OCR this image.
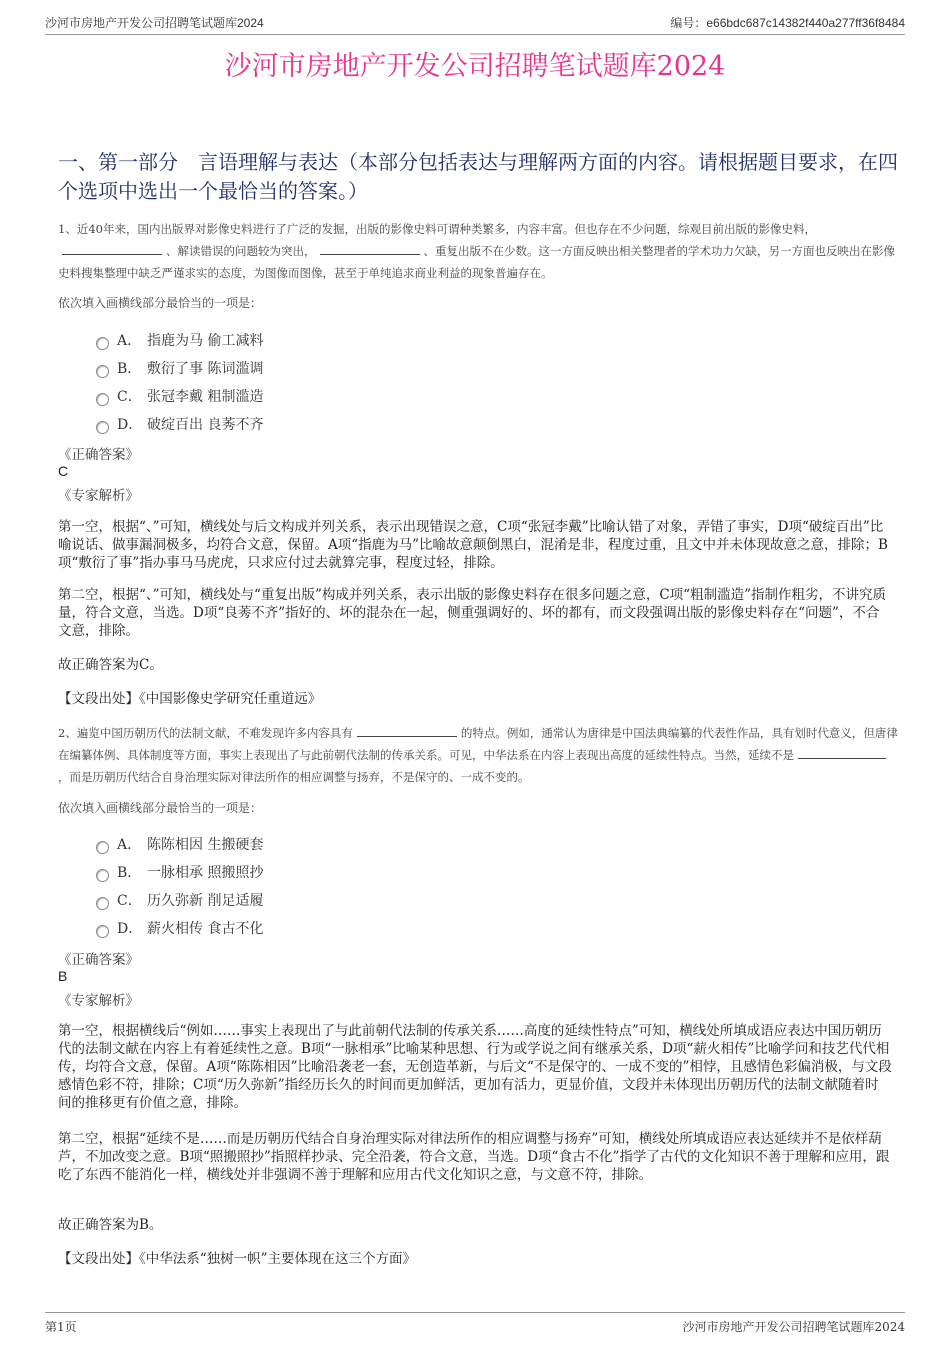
沙河市房地产开发公司招聘笔试题库2024	编号：e66bdc687c14382f440a277ff36f8484
沙河市房地产开发公司招聘笔试题库2024
一、第一部分　言语理解与表达（本部分包括表达与理解两方面的内容。请根据题目要求，在四个选项中选出一个最恰当的答案。）
1、近40年来，国内出版界对影像史料进行了广泛的发掘，出版的影像史料可谓种类繁多，内容丰富。但也存在不少问题，综观目前出版的影像史料，、解读错误的问题较为突出，	、重复出版不在少数。这一方面反映出相关整理者的学术功力欠缺，另一方面也反映出在影像史料搜集整理中缺乏严谨求实的态度，为图像而图像，甚至于单纯追求商业利益的现象普遍存在。
依次填入画横线部分最恰当的一项是：
A． 指鹿为马 偷工减料
B． 敷衍了事 陈词滥调
C． 张冠李戴 粗制滥造
D． 破绽百出 良莠不齐
《正确答案》
C
《专家解析》
第一空，根据“、”可知，横线处与后文构成并列关系，表示出现错误之意，C项“张冠李戴”比喻认错了对象，弄错了事实，D项“破绽百出”比喻说话、做事漏洞极多，均符合文意，保留。A项“指鹿为马”比喻故意颠倒黑白，混淆是非，程度过重，且文中并未体现故意之意，排除；B项“敷衍了事”指办事马马虎虎，只求应付过去就算完事，程度过轻，排除。
第二空，根据“、”可知，横线处与“重复出版”构成并列关系，表示出版的影像史料存在很多问题之意，C项“粗制滥造”指制作粗劣，不讲究质量，符合文意，当选。D项“良莠不齐”指好的、坏的混杂在一起，侧重强调好的、坏的都有，而文段强调出版的影像史料存在“问题”，不合文意，排除。
故正确答案为C。
【文段出处】《中国影像史学研究任重道远》
2、遍览中国历朝历代的法制文献，不难发现许多内容具有	的特点。例如，通常认为唐律是中国法典编纂的代表性作品，具有划时代意义，但唐律在编纂体例、具体制度等方面，事实上表现出了与此前朝代法制的传承关系。可见，中华法系在内容上表现出高度的延续性特点。当然，延续不是，而是历朝历代结合自身治理实际对律法所作的相应调整与扬弃，不是保守的、一成不变的。
依次填入画横线部分最恰当的一项是：
A． 陈陈相因 生搬硬套
B． 一脉相承 照搬照抄
C． 历久弥新 削足适履
D． 薪火相传 食古不化
《正确答案》
B
《专家解析》
第一空，根据横线后“例如……事实上表现出了与此前朝代法制的传承关系……高度的延续性特点”可知，横线处所填成语应表达中国历朝历代的法制文献在内容上有着延续性之意。B项“一脉相承”比喻某种思想、行为或学说之间有继承关系，D项“薪火相传”比喻学问和技艺代代相传，均符合文意，保留。A项“陈陈相因”比喻沿袭老一套，无创造革新，与后文“不是保守的、一成不变的”相悖，且感情色彩偏消极，与文段感情色彩不符，排除；C项“历久弥新”指经历长久的时间而更加鲜活，更加有活力，更显价值，文段并未体现出历朝历代的法制文献随着时间的推移更有价值之意，排除。
第二空，根据“延续不是……而是历朝历代结合自身治理实际对律法所作的相应调整与扬弃”可知，横线处所填成语应表达延续并不是依样葫芦，不加改变之意。B项“照搬照抄”指照样抄录、完全沿袭，符合文意，当选。D项“食古不化”指学了古代的文化知识不善于理解和应用，跟吃了东西不能消化一样，横线处并非强调不善于理解和应用古代文化知识之意，与文意不符，排除。
故正确答案为B。
【文段出处】《中华法系“独树一帜”主要体现在这三个方面》
第1页	沙河市房地产开发公司招聘笔试题库2024
